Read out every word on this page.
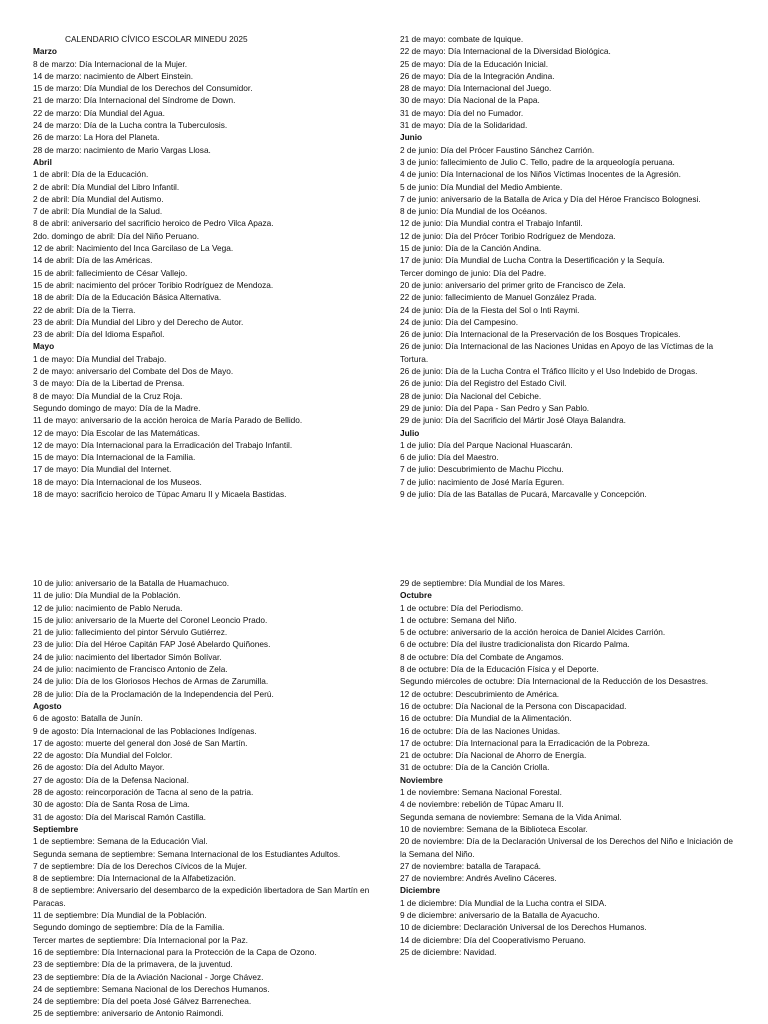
CALENDARIO CÍVICO ESCOLAR MINEDU 2025
Marzo
8 de marzo: Día Internacional de la Mujer.
14 de marzo: nacimiento de Albert Einstein.
15 de marzo: Día Mundial de los Derechos del Consumidor.
21 de marzo: Día Internacional del Síndrome de Down.
22 de marzo: Día Mundial del Agua.
24 de marzo: Día de la Lucha contra la Tuberculosis.
26 de marzo: La Hora del Planeta.
28 de marzo: nacimiento de Mario Vargas Llosa.
Abril
1 de abril: Día de la Educación.
2 de abril: Día Mundial del Libro Infantil.
2 de abril: Día Mundial del Autismo.
7 de abril: Día Mundial de la Salud.
8 de abril: aniversario del sacrificio heroico de Pedro Vilca Apaza.
2do. domingo de abril: Día del Niño Peruano.
12 de abril: Nacimiento del Inca Garcilaso de La Vega.
14 de abril: Día de las Américas.
15 de abril: fallecimiento de César Vallejo.
15 de abril: nacimiento del prócer Toribio Rodríguez de Mendoza.
18 de abril: Día de la Educación Básica Alternativa.
22 de abril: Día de la Tierra.
23 de abril: Día Mundial del Libro y del Derecho de Autor.
23 de abril: Día del Idioma Español.
Mayo
1 de mayo: Día Mundial del Trabajo.
2 de mayo: aniversario del Combate del Dos de Mayo.
3 de mayo: Día de la Libertad de Prensa.
8 de mayo: Día Mundial de la Cruz Roja.
Segundo domingo de mayo: Día de la Madre.
11 de mayo: aniversario de la acción heroica de María Parado de Bellido.
12 de mayo: Día Escolar de las Matemáticas.
12 de mayo: Día Internacional para la Erradicación del Trabajo Infantil.
15 de mayo: Día Internacional de la Familia.
17 de mayo: Día Mundial del Internet.
18 de mayo: Día Internacional de los Museos.
18 de mayo: sacrificio heroico de Túpac Amaru II y Micaela Bastidas.
21 de mayo: combate de Iquique.
22 de mayo: Día Internacional de la Diversidad Biológica.
25 de mayo: Día de la Educación Inicial.
26 de mayo: Día de la Integración Andina.
28 de mayo: Día Internacional del Juego.
30 de mayo: Día Nacional de la Papa.
31 de mayo: Día del no Fumador.
31 de mayo: Día de la Solidaridad.
Junio
2 de junio: Día del Prócer Faustino Sánchez Carrión.
3 de junio: fallecimiento de Julio C. Tello, padre de la arqueología peruana.
4 de junio: Día Internacional de los Niños Víctimas Inocentes de la Agresión.
5 de junio: Día Mundial del Medio Ambiente.
7 de junio: aniversario de la Batalla de Arica y Día del Héroe Francisco Bolognesi.
8 de junio: Día Mundial de los Océanos.
12 de junio: Día Mundial contra el Trabajo Infantil.
12 de junio: Día del Prócer Toribio Rodríguez de Mendoza.
15 de junio: Día de la Canción Andina.
17 de junio: Día Mundial de Lucha Contra la Desertificación y la Sequía.
Tercer domingo de junio: Día del Padre.
20 de junio: aniversario del primer grito de Francisco de Zela.
22 de junio: fallecimiento de Manuel González Prada.
24 de junio: Día de la Fiesta del Sol o Inti Raymi.
24 de junio: Día del Campesino.
26 de junio: Día Internacional de la Preservación de los Bosques Tropicales.
26 de junio: Día Internacional de las Naciones Unidas en Apoyo de las Víctimas de la Tortura.
26 de junio: Día de la Lucha Contra el Tráfico Ilícito y el Uso Indebido de Drogas.
26 de junio: Día del Registro del Estado Civil.
28 de junio: Día Nacional del Cebiche.
29 de junio: Día del Papa - San Pedro y San Pablo.
29 de junio: Día del Sacrificio del Mártir José Olaya Balandra.
Julio
1 de julio: Día del Parque Nacional Huascarán.
6 de julio: Día del Maestro.
7 de julio: Descubrimiento de Machu Picchu.
7 de julio: nacimiento de José María Eguren.
9 de julio: Día de las Batallas de Pucará, Marcavalle y Concepción.
10 de julio: aniversario de la Batalla de Huamachuco.
11 de julio: Día Mundial de la Población.
12 de julio: nacimiento de Pablo Neruda.
15 de julio: aniversario de la Muerte del Coronel Leoncio Prado.
21 de julio: fallecimiento del pintor Sérvulo Gutiérrez.
23 de julio: Día del Héroe Capitán FAP José Abelardo Quiñones.
24 de julio: nacimiento del libertador Simón Bolívar.
24 de julio: nacimiento de Francisco Antonio de Zela.
24 de julio: Día de los Gloriosos Hechos de Armas de Zarumilla.
28 de julio: Día de la Proclamación de la Independencia del Perú.
Agosto
6 de agosto: Batalla de Junín.
9 de agosto: Día Internacional de las Poblaciones Indígenas.
17 de agosto: muerte del general don José de San Martín.
22 de agosto: Día Mundial del Folclor.
26 de agosto: Día del Adulto Mayor.
27 de agosto: Día de la Defensa Nacional.
28 de agosto: reincorporación de Tacna al seno de la patria.
30 de agosto: Día de Santa Rosa de Lima.
31 de agosto: Día del Mariscal Ramón Castilla.
Septiembre
1 de septiembre: Semana de la Educación Vial.
Segunda semana de septiembre: Semana Internacional de los Estudiantes Adultos.
7 de septiembre: Día de los Derechos Cívicos de la Mujer.
8 de septiembre: Día Internacional de la Alfabetización.
8 de septiembre: Aniversario del desembarco de la expedición libertadora de San Martín en Paracas.
11 de septiembre: Día Mundial de la Población.
Segundo domingo de septiembre: Día de la Familia.
Tercer martes de septiembre: Día Internacional por la Paz.
16 de septiembre: Día Internacional para la Protección de la Capa de Ozono.
23 de septiembre: Día de la primavera, de la juventud.
23 de septiembre: Día de la Aviación Nacional - Jorge Chávez.
24 de septiembre: Semana Nacional de los Derechos Humanos.
24 de septiembre: Día del poeta José Gálvez Barrenechea.
25 de septiembre: aniversario de Antonio Raimondi.
29 de septiembre: Día Mundial de los Mares.
Octubre
1 de octubre: Día del Periodismo.
1 de octubre: Semana del Niño.
5 de octubre: aniversario de la acción heroica de Daniel Alcides Carrión.
6 de octubre: Día del ilustre tradicionalista don Ricardo Palma.
8 de octubre: Día del Combate de Angamos.
8 de octubre: Día de la Educación Física y el Deporte.
Segundo miércoles de octubre: Día Internacional de la Reducción de los Desastres.
12 de octubre: Descubrimiento de América.
16 de octubre: Día Nacional de la Persona con Discapacidad.
16 de octubre: Día Mundial de la Alimentación.
16 de octubre: Día de las Naciones Unidas.
17 de octubre: Día Internacional para la Erradicación de la Pobreza.
21 de octubre: Día Nacional de Ahorro de Energía.
31 de octubre: Día de la Canción Criolla.
Noviembre
1 de noviembre: Semana Nacional Forestal.
4 de noviembre: rebelión de Túpac Amaru II.
Segunda semana de noviembre: Semana de la Vida Animal.
10 de noviembre: Semana de la Biblioteca Escolar.
20 de noviembre: Día de la Declaración Universal de los Derechos del Niño e Iniciación de la Semana del Niño.
27 de noviembre: batalla de Tarapacá.
27 de noviembre: Andrés Avelino Cáceres.
Diciembre
1 de diciembre: Día Mundial de la Lucha contra el SIDA.
9 de diciembre: aniversario de la Batalla de Ayacucho.
10 de diciembre: Declaración Universal de los Derechos Humanos.
14 de diciembre: Día del Cooperativismo Peruano.
25 de diciembre: Navidad.
